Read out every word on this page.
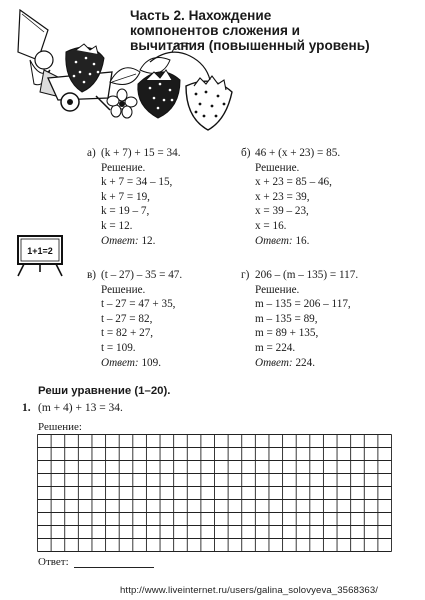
Часть 2. Нахождение
компонентов сложения и
вычитания (повышенный уровень)
а) (k + 7) + 15 = 34.
Решение.
k + 7 = 34 – 15,
k + 7 = 19,
k = 19 – 7,
k = 12.
Ответ: 12.
б) 46 + (x + 23) = 85.
Решение.
x + 23 = 85 – 46,
x + 23 = 39,
x = 39 – 23,
x = 16.
Ответ: 16.
1+1=2
в) (t – 27) – 35 = 47.
Решение.
t – 27 = 47 + 35,
t – 27 = 82,
t = 82 + 27,
t = 109.
Ответ: 109.
г) 206 – (m – 135) = 117.
Решение.
m – 135 = 206 – 117,
m – 135 = 89,
m = 89 + 135,
m = 224.
Ответ: 224.
Реши уравнение (1–20).
1. (m + 4) + 13 = 34.
Решение:
Ответ:
http://www.liveinternet.ru/users/galina_solovyeva_3568363/
